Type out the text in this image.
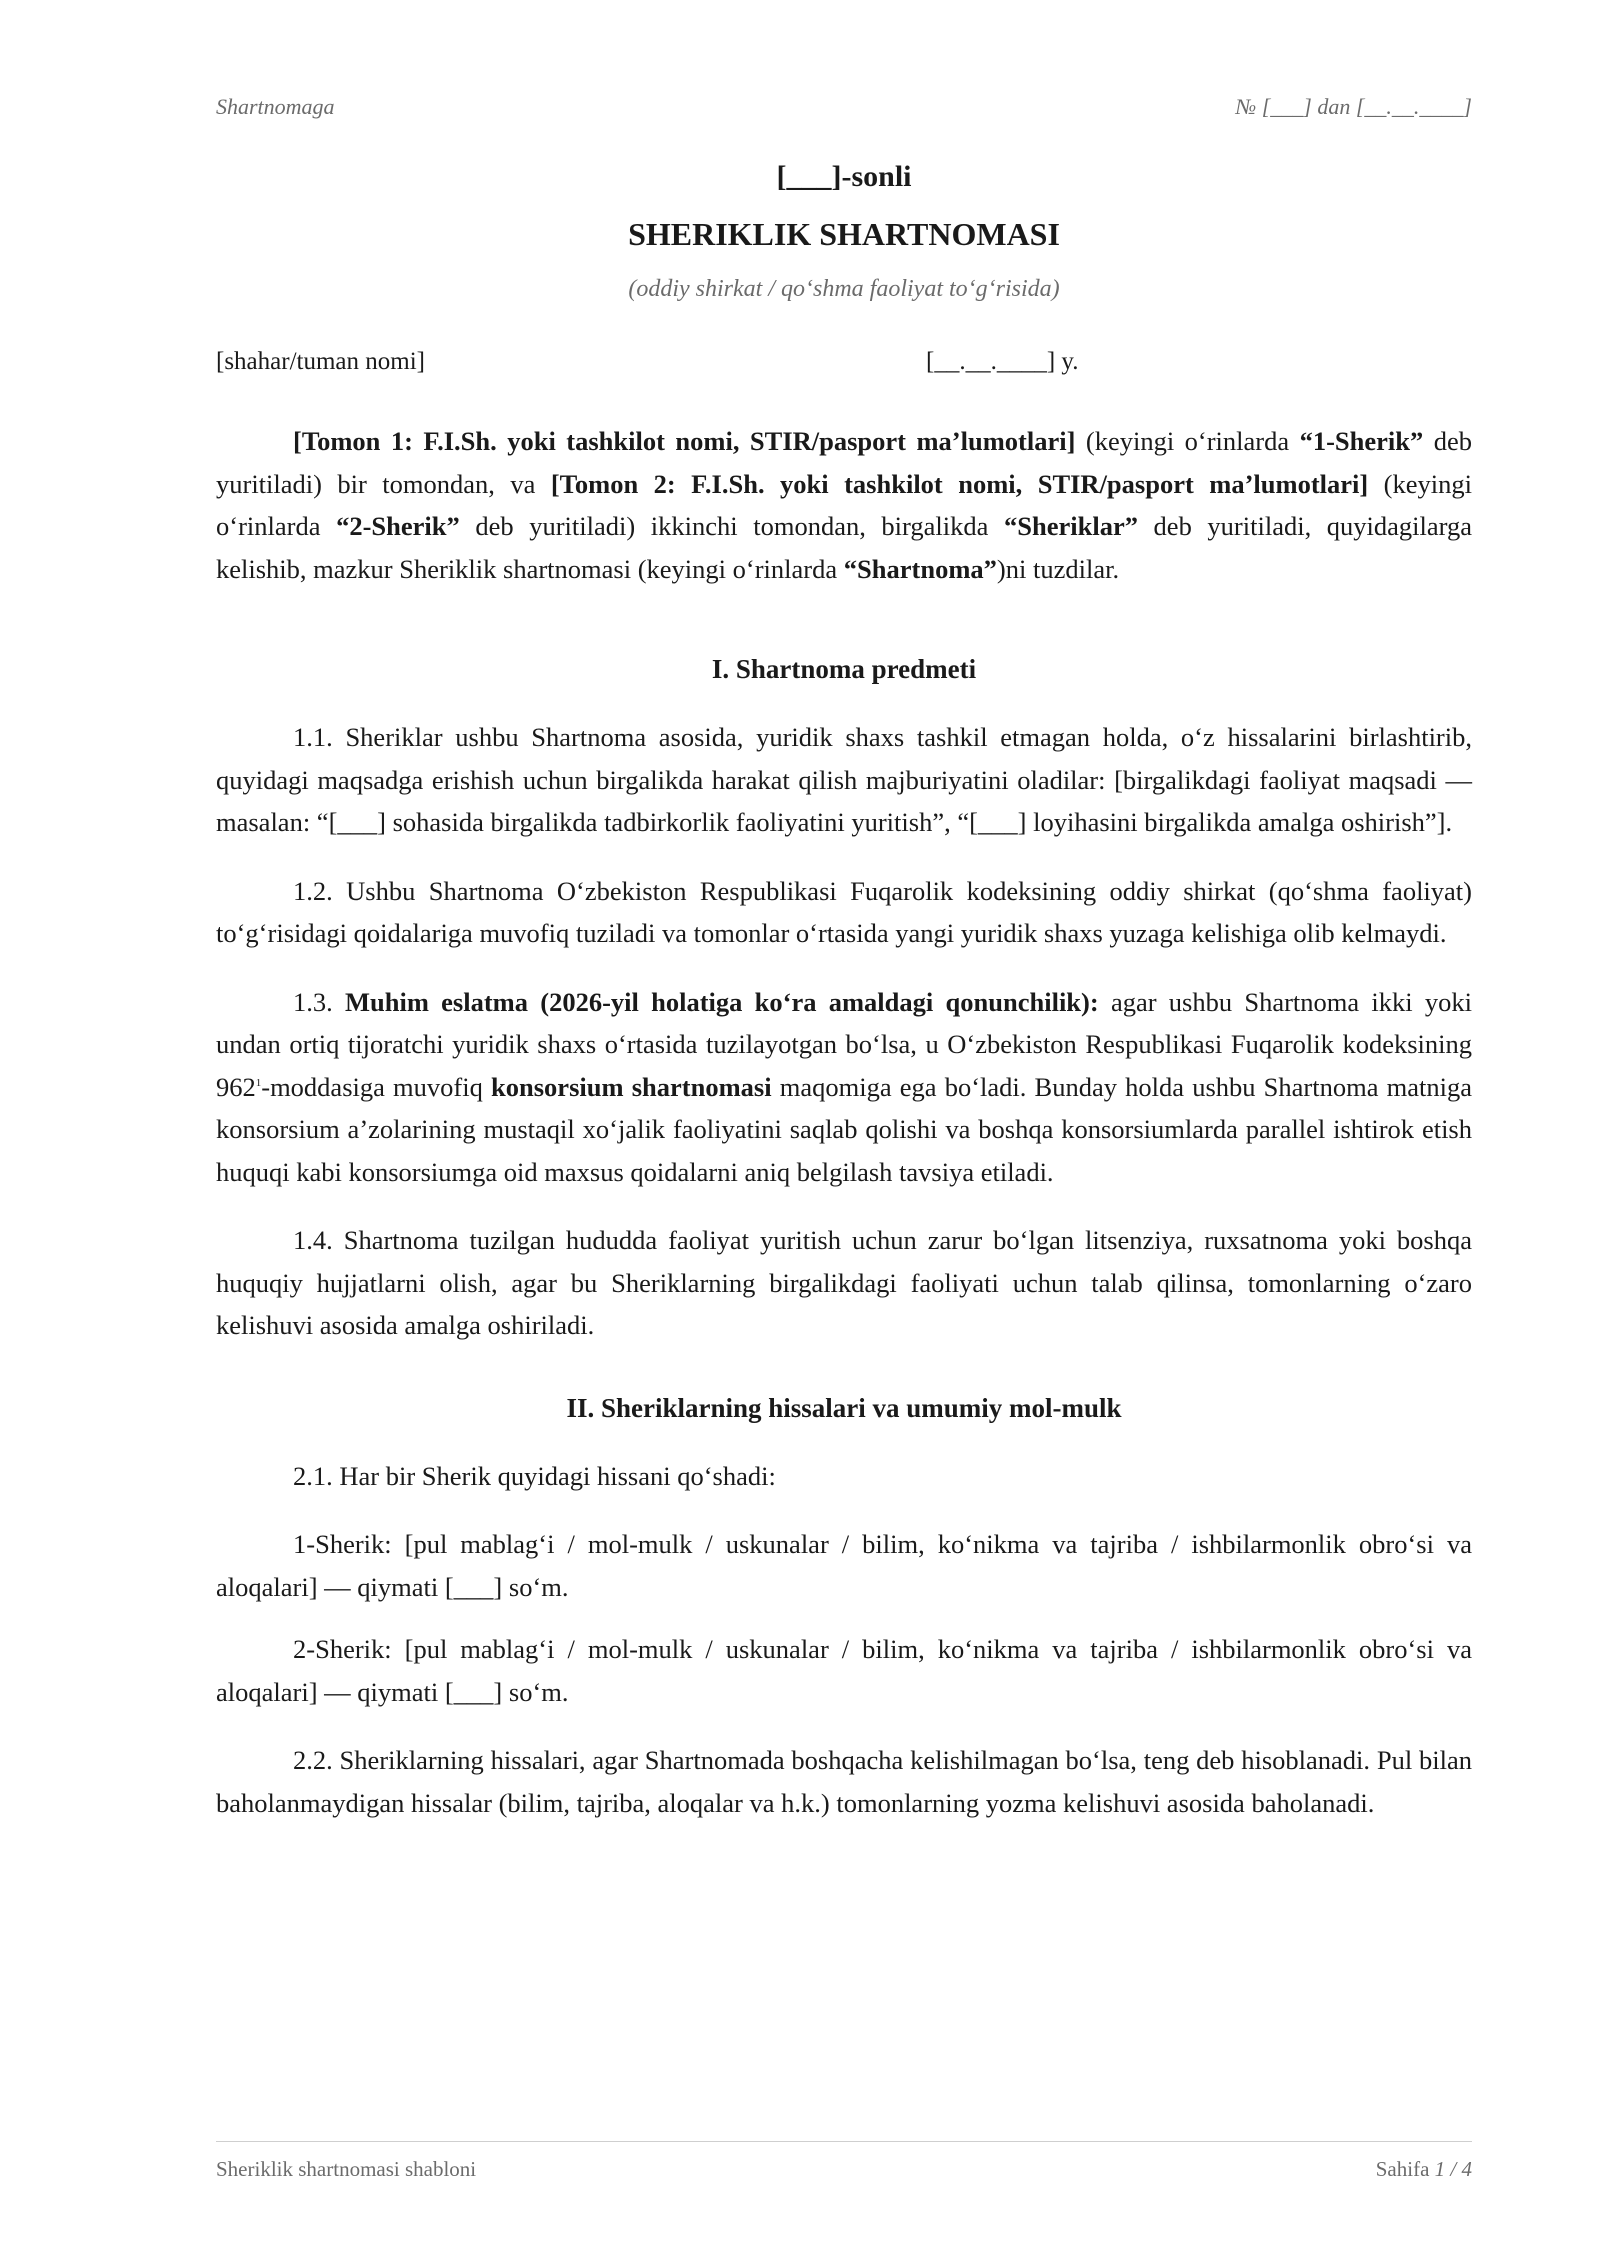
Shartnomaga	№ [___] dan [__.__.____]
[___]-sonli
SHERIKLIK SHARTNOMASI
(oddiy shirkat / qo‘shma faoliyat to‘g‘risida)
[shahar/tuman nomi]	[__.__.____] y.

[Tomon 1: F.I.Sh. yoki tashkilot nomi, STIR/pasport ma’lumotlari] (keyingi o‘rinlarda “1-Sherik” deb yuritiladi) bir tomondan, va [Tomon 2: F.I.Sh. yoki tashkilot nomi, STIR/pasport ma’lumotlari] (keyingi o‘rinlarda “2-Sherik” deb yuritiladi) ikkinchi tomondan, birgalikda “Sheriklar” deb yuritiladi, quyidagilarga kelishib, mazkur Sheriklik shartnomasi (keyingi o‘rinlarda “Shartnoma”)ni tuzdilar.

I. Shartnoma predmeti

1.1. Sheriklar ushbu Shartnoma asosida, yuridik shaxs tashkil etmagan holda, o‘z hissalarini birlashtirib, quyidagi maqsadga erishish uchun birgalikda harakat qilish majburiyatini oladilar: [birgalikdagi faoliyat maqsadi — masalan: “[___] sohasida birgalikda tadbirkorlik faoliyatini yuritish”, “[___] loyihasini birgalikda amalga oshirish”].

1.2. Ushbu Shartnoma O‘zbekiston Respublikasi Fuqarolik kodeksining oddiy shirkat (qo‘shma faoliyat) to‘g‘risidagi qoidalariga muvofiq tuziladi va tomonlar o‘rtasida yangi yuridik shaxs yuzaga kelishiga olib kelmaydi.

1.3. Muhim eslatma (2026-yil holatiga ko‘ra amaldagi qonunchilik): agar ushbu Shartnoma ikki yoki undan ortiq tijoratchi yuridik shaxs o‘rtasida tuzilayotgan bo‘lsa, u O‘zbekiston Respublikasi Fuqarolik kodeksining $962^1$-moddasiga muvofiq konsorsium shartnomasi maqomiga ega bo‘ladi. Bunday holda ushbu Shartnoma matniga konsorsium a’zolarining mustaqil xo‘jalik faoliyatini saqlab qolishi va boshqa konsorsiumlarda parallel ishtirok etish huquqi kabi konsorsiumga oid maxsus qoidalarni aniq belgilash tavsiya etiladi.

1.4. Shartnoma tuzilgan hududda faoliyat yuritish uchun zarur bo‘lgan litsenziya, ruxsatnoma yoki boshqa huquqiy hujjatlarni olish, agar bu Sheriklarning birgalikdagi faoliyati uchun talab qilinsa, tomonlarning o‘zaro kelishuvi asosida amalga oshiriladi.

II. Sheriklarning hissalari va umumiy mol-mulk

2.1. Har bir Sherik quyidagi hissani qo‘shadi:

1-Sherik: [pul mablag‘i / mol-mulk / uskunalar / bilim, ko‘nikma va tajriba / ishbilarmonlik obro‘si va aloqalari] — qiymati [___] so‘m.

2-Sherik: [pul mablag‘i / mol-mulk / uskunalar / bilim, ko‘nikma va tajriba / ishbilarmonlik obro‘si va aloqalari] — qiymati [___] so‘m.

2.2. Sheriklarning hissalari, agar Shartnomada boshqacha kelishilmagan bo‘lsa, teng deb hisoblanadi. Pul bilan baholanmaydigan hissalar (bilim, tajriba, aloqalar va h.k.) tomonlarning yozma kelishuvi asosida baholanadi.

Sheriklik shartnomasi shabloni	Sahifa 1 / 4
